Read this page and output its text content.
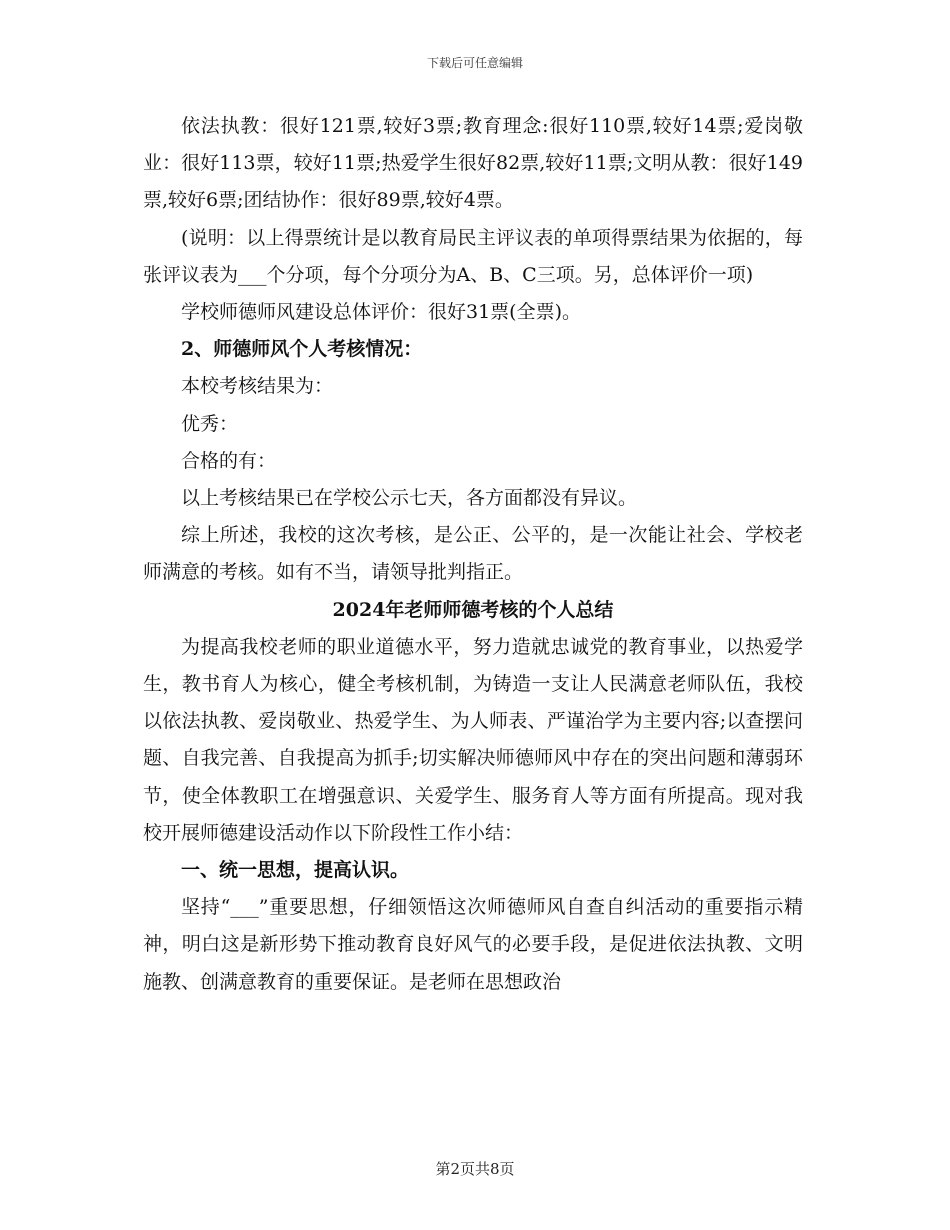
下载后可任意编辑

依法执教：很好121票,较好3票;教育理念:很好110票,较好14票;爱岗敬业：很好113票，较好11票;热爱学生很好82票,较好11票;文明从教：很好149票,较好6票;团结协作：很好89票,较好4票。

(说明：以上得票统计是以教育局民主评议表的单项得票结果为依据的，每张评议表为___个分项，每个分项分为A、B、C三项。另，总体评价一项)

学校师德师风建设总体评价：很好31票(全票)。

2、师德师风个人考核情况：

本校考核结果为：

优秀：

合格的有：

以上考核结果已在学校公示七天，各方面都没有异议。

综上所述，我校的这次考核，是公正、公平的，是一次能让社会、学校老师满意的考核。如有不当，请领导批判指正。

2024年老师师德考核的个人总结

为提高我校老师的职业道德水平，努力造就忠诚党的教育事业，以热爱学生，教书育人为核心，健全考核机制，为铸造一支让人民满意老师队伍，我校以依法执教、爱岗敬业、热爱学生、为人师表、严谨治学为主要内容;以查摆问题、自我完善、自我提高为抓手;切实解决师德师风中存在的突出问题和薄弱环节，使全体教职工在增强意识、关爱学生、服务育人等方面有所提高。现对我校开展师德建设活动作以下阶段性工作小结：

一、统一思想，提高认识。

坚持“___”重要思想，仔细领悟这次师德师风自查自纠活动的重要指示精神，明白这是新形势下推动教育良好风气的必要手段，是促进依法执教、文明施教、创满意教育的重要保证。是老师在思想政治

第2页共8页
